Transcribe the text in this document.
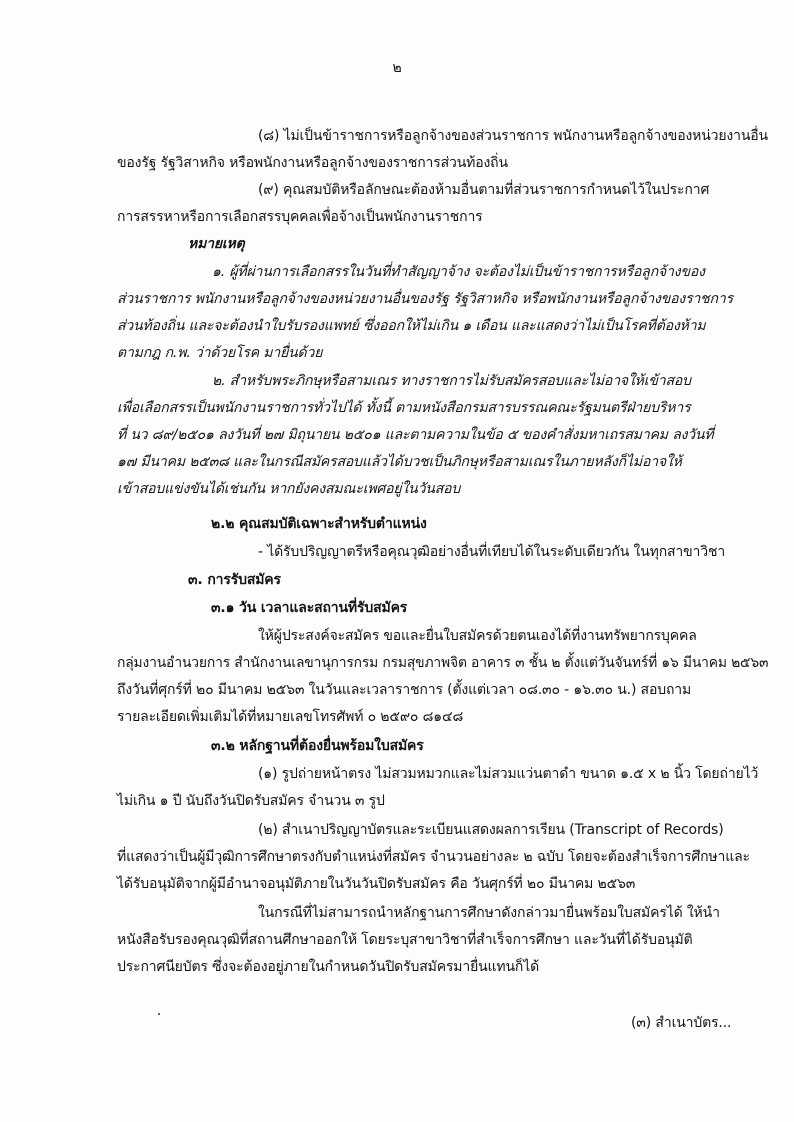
๒
(๘) ไม่เป็นข้าราชการหรือลูกจ้างของส่วนราชการ พนักงานหรือลูกจ้างของหน่วยงานอื่น
ของรัฐ รัฐวิสาหกิจ หรือพนักงานหรือลูกจ้างของราชการส่วนท้องถิ่น
(๙) คุณสมบัติหรือลักษณะต้องห้ามอื่นตามที่ส่วนราชการกำหนดไว้ในประกาศ
การสรรหาหรือการเลือกสรรบุคคลเพื่อจ้างเป็นพนักงานราชการ
หมายเหตุ
๑. ผู้ที่ผ่านการเลือกสรรในวันที่ทำสัญญาจ้าง จะต้องไม่เป็นข้าราชการหรือลูกจ้างของ
ส่วนราชการ พนักงานหรือลูกจ้างของหน่วยงานอื่นของรัฐ รัฐวิสาหกิจ หรือพนักงานหรือลูกจ้างของราชการ
ส่วนท้องถิ่น และจะต้องนำใบรับรองแพทย์ ซึ่งออกให้ไม่เกิน ๑ เดือน และแสดงว่าไม่เป็นโรคที่ต้องห้าม
ตามกฎ ก.พ. ว่าด้วยโรค มายื่นด้วย
๒. สำหรับพระภิกษุหรือสามเณร ทางราชการไม่รับสมัครสอบและไม่อาจให้เข้าสอบ
เพื่อเลือกสรรเป็นพนักงานราชการทั่วไปได้ ทั้งนี้ ตามหนังสือกรมสารบรรณคณะรัฐมนตรีฝ่ายบริหาร
ที่ นว ๘๙/๒๕๐๑ ลงวันที่ ๒๗ มิถุนายน ๒๕๐๑ และตามความในข้อ ๕ ของคำสั่งมหาเถรสมาคม ลงวันที่
๑๗ มีนาคม ๒๕๓๘ และในกรณีสมัครสอบแล้วได้บวชเป็นภิกษุหรือสามเณรในภายหลังก็ไม่อาจให้
เข้าสอบแข่งขันได้เช่นกัน หากยังคงสมณะเพศอยู่ในวันสอบ
๒.๒ คุณสมบัติเฉพาะสำหรับตำแหน่ง
- ได้รับปริญญาตรีหรือคุณวุฒิอย่างอื่นที่เทียบได้ในระดับเดียวกัน ในทุกสาขาวิชา
๓. การรับสมัคร
๓.๑ วัน เวลาและสถานที่รับสมัคร
ให้ผู้ประสงค์จะสมัคร ขอและยื่นใบสมัครด้วยตนเองได้ที่งานทรัพยากรบุคคล
กลุ่มงานอำนวยการ สำนักงานเลขานุการกรม กรมสุขภาพจิต อาคาร ๓ ชั้น ๒ ตั้งแต่วันจันทร์ที่ ๑๖ มีนาคม ๒๕๖๓
ถึงวันที่ศุกร์ที่ ๒๐ มีนาคม ๒๕๖๓ ในวันและเวลาราชการ (ตั้งแต่เวลา ๐๘.๓๐ - ๑๖.๓๐ น.) สอบถาม
รายละเอียดเพิ่มเติมได้ที่หมายเลขโทรศัพท์ ๐ ๒๕๙๐ ๘๑๔๘
๓.๒ หลักฐานที่ต้องยื่นพร้อมใบสมัคร
(๑) รูปถ่ายหน้าตรง ไม่สวมหมวกและไม่สวมแว่นตาดำ ขนาด ๑.๕ x ๒ นิ้ว โดยถ่ายไว้
ไม่เกิน ๑ ปี นับถึงวันปิดรับสมัคร จำนวน ๓ รูป
(๒) สำเนาปริญญาบัตรและระเบียนแสดงผลการเรียน (Transcript of Records)
ที่แสดงว่าเป็นผู้มีวุฒิการศึกษาตรงกับตำแหน่งที่สมัคร จำนวนอย่างละ ๒ ฉบับ โดยจะต้องสำเร็จการศึกษาและ
ได้รับอนุมัติจากผู้มีอำนาจอนุมัติภายในวันวันปิดรับสมัคร คือ วันศุกร์ที่ ๒๐ มีนาคม ๒๕๖๓
ในกรณีที่ไม่สามารถนำหลักฐานการศึกษาดังกล่าวมายื่นพร้อมใบสมัครได้ ให้นำ
หนังสือรับรองคุณวุฒิที่สถานศึกษาออกให้ โดยระบุสาขาวิชาที่สำเร็จการศึกษา และวันที่ได้รับอนุมัติ
ประกาศนียบัตร ซึ่งจะต้องอยู่ภายในกำหนดวันปิดรับสมัครมายื่นแทนก็ได้
(๓) สำเนาบัตร...
